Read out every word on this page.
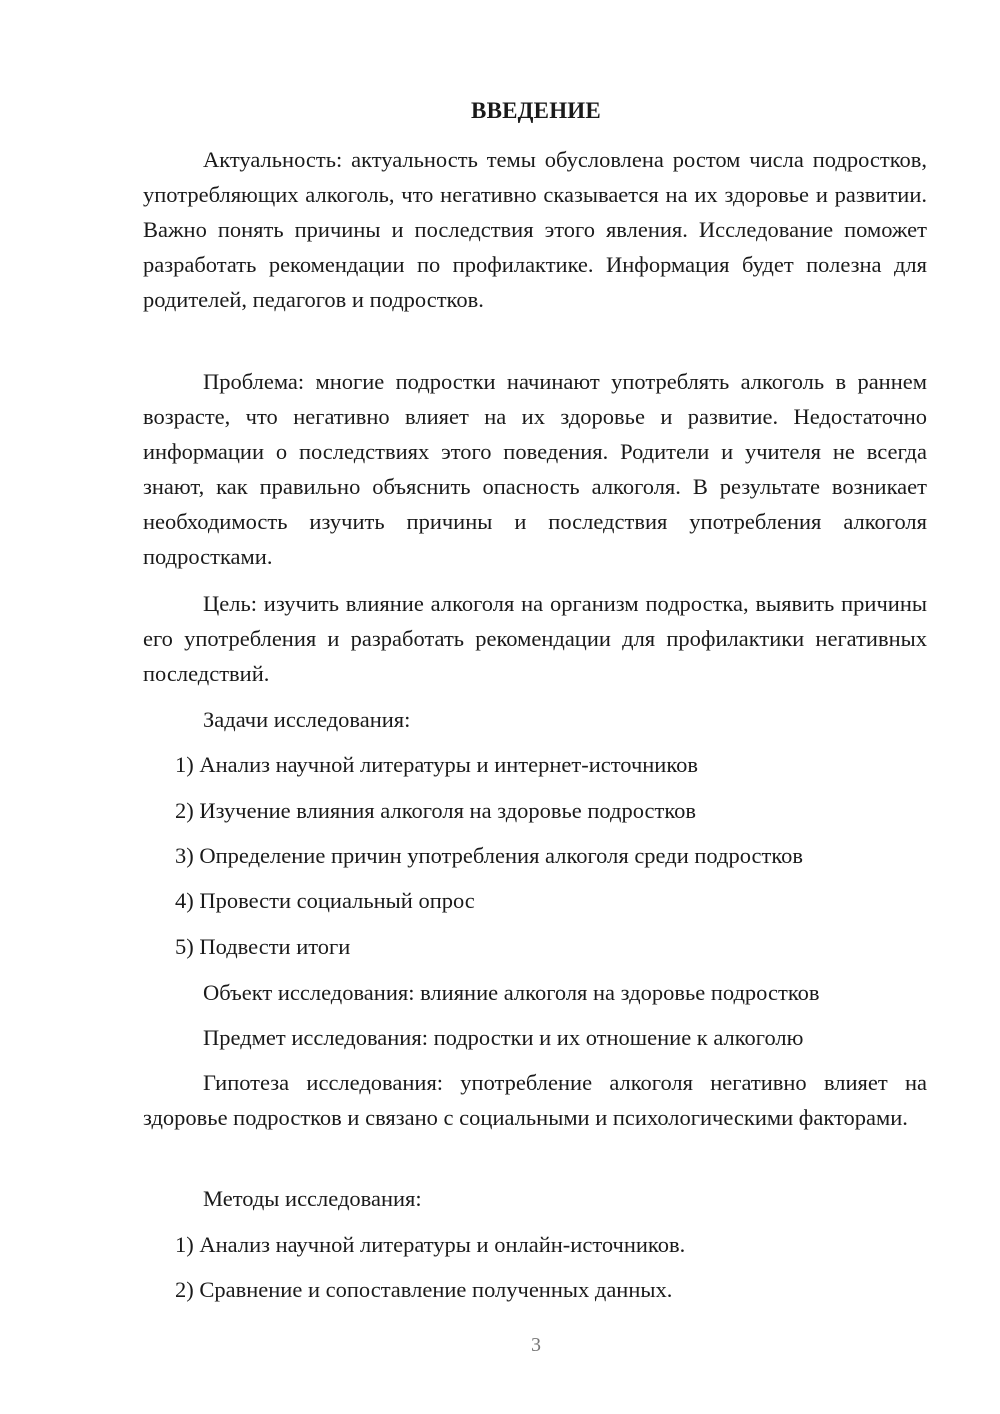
ВВЕДЕНИЕ

Актуальность: актуальность темы обусловлена ростом числа подростков, употребляющих алкоголь, что негативно сказывается на их здоровье и развитии. Важно понять причины и последствия этого явления. Исследование поможет разработать рекомендации по профилактике. Информация будет полезна для родителей, педагогов и подростков.

Проблема: многие подростки начинают употреблять алкоголь в раннем возрасте, что негативно влияет на их здоровье и развитие. Недостаточно информации о последствиях этого поведения. Родители и учителя не всегда знают, как правильно объяснить опасность алкоголя. В результате возникает необходимость изучить причины и последствия употребления алкоголя подростками.

Цель: изучить влияние алкоголя на организм подростка, выявить причины его употребления и разработать рекомендации для профилактики негативных последствий.

Задачи исследования:

1) Анализ научной литературы и интернет-источников

2) Изучение влияния алкоголя на здоровье подростков

3) Определение причин употребления алкоголя среди подростков

4) Провести социальный опрос

5) Подвести итоги

Объект исследования: влияние алкоголя на здоровье подростков

Предмет исследования: подростки и их отношение к алкоголю

Гипотеза исследования: употребление алкоголя негативно влияет на здоровье подростков и связано с социальными и психологическими факторами.

Методы исследования:

1) Анализ научной литературы и онлайн-источников.

2) Сравнение и сопоставление полученных данных.

3
